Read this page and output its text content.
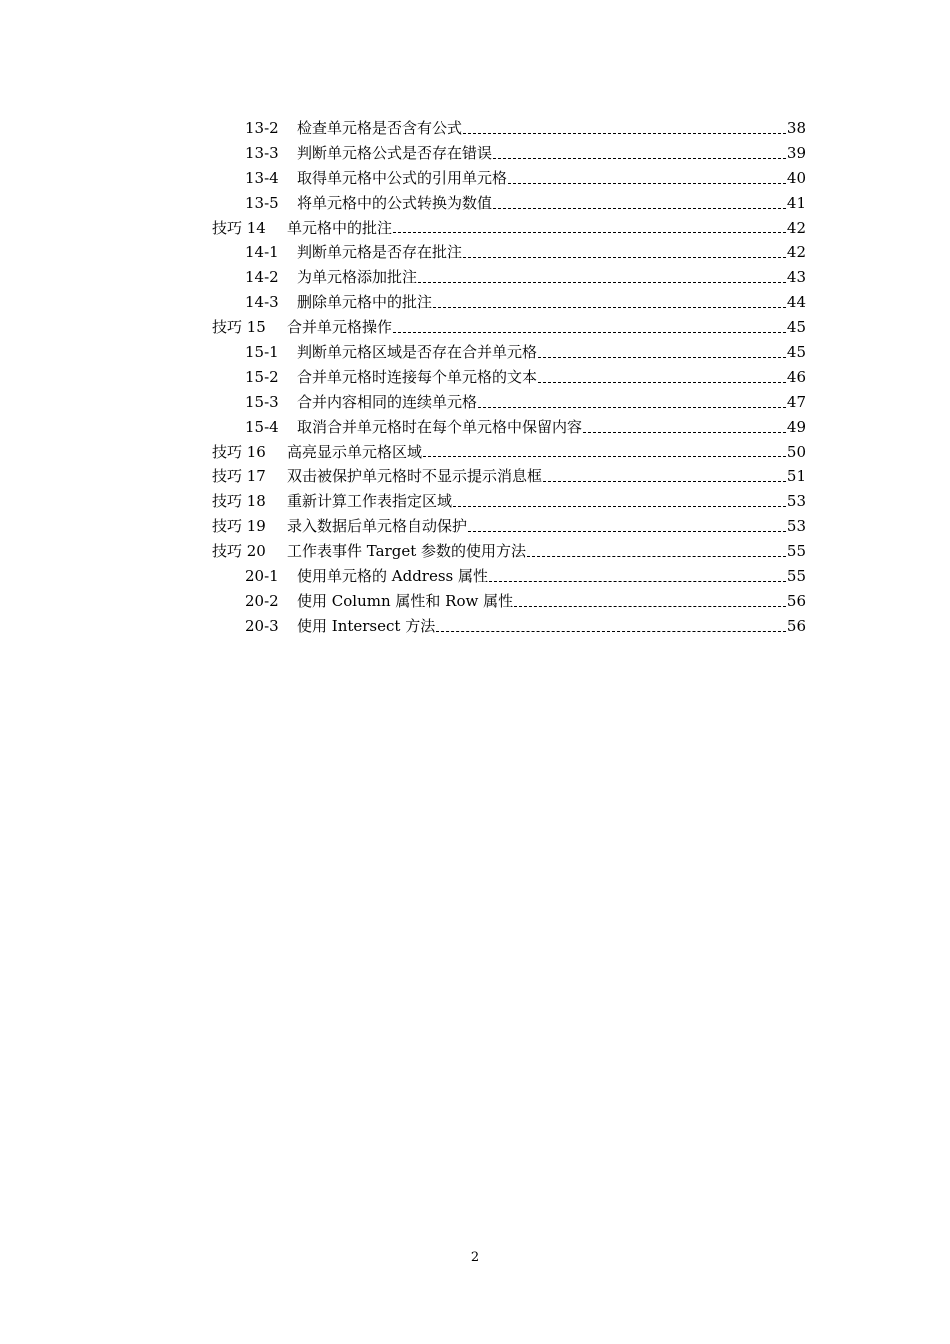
13-2	检查单元格是否含有公式	38
13-3	判断单元格公式是否存在错误	39
13-4	取得单元格中公式的引用单元格	40
13-5	将单元格中的公式转换为数值	41
技巧 14	单元格中的批注	42
14-1	判断单元格是否存在批注	42
14-2	为单元格添加批注	43
14-3	删除单元格中的批注	44
技巧 15	合并单元格操作	45
15-1	判断单元格区域是否存在合并单元格	45
15-2	合并单元格时连接每个单元格的文本	46
15-3	合并内容相同的连续单元格	47
15-4	取消合并单元格时在每个单元格中保留内容	49
技巧 16	高亮显示单元格区域	50
技巧 17	双击被保护单元格时不显示提示消息框	51
技巧 18	重新计算工作表指定区域	53
技巧 19	录入数据后单元格自动保护	53
技巧 20	工作表事件 Target 参数的使用方法	55
20-1	使用单元格的 Address 属性	55
20-2	使用 Column 属性和 Row 属性	56
20-3	使用 Intersect 方法	56
2
